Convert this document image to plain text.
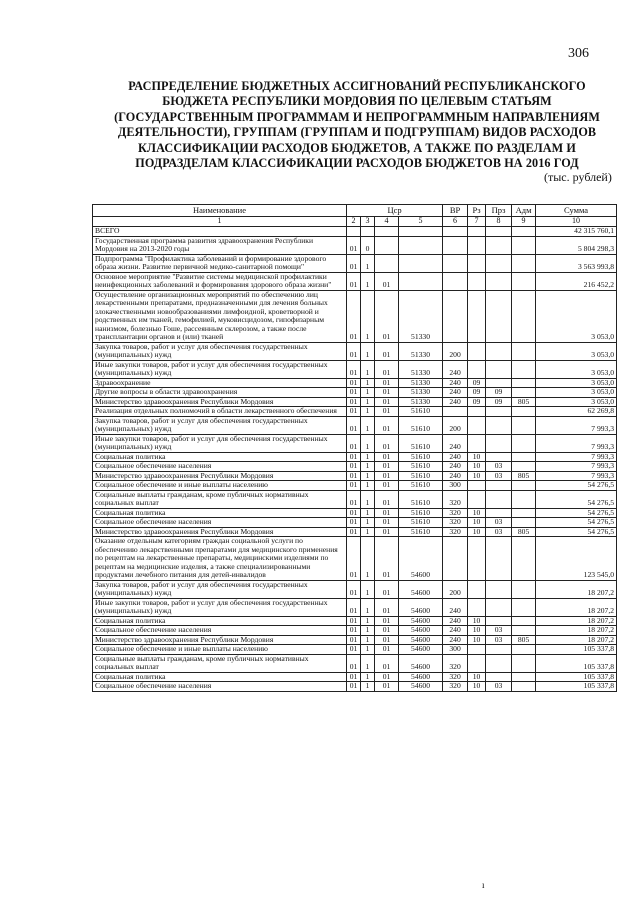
306
РАСПРЕДЕЛЕНИЕ БЮДЖЕТНЫХ АССИГНОВАНИЙ РЕСПУБЛИКАНСКОГО БЮДЖЕТА РЕСПУБЛИКИ МОРДОВИЯ ПО ЦЕЛЕВЫМ СТАТЬЯМ (ГОСУДАРСТВЕННЫМ ПРОГРАММАМ И НЕПРОГРАММНЫМ НАПРАВЛЕНИЯМ ДЕЯТЕЛЬНОСТИ), ГРУППАМ (ГРУППАМ И ПОДГРУППАМ) ВИДОВ РАСХОДОВ КЛАССИФИКАЦИИ РАСХОДОВ БЮДЖЕТОВ, А ТАКЖЕ ПО РАЗДЕЛАМ И ПОДРАЗДЕЛАМ КЛАССИФИКАЦИИ РАСХОДОВ БЮДЖЕТОВ НА 2016 ГОД
(тыс. рублей)
Наименование	Цср				ВР	Рз	Прз	Адм	Сумма
1	2	3	4	5	6	7	8	9	10
ВСЕГО									42 315 760,1
Государственная программа развития здравоохранения Республики Мордовия на 2013-2020 годы	01	0							5 804 298,3
Подпрограмма "Профилактика заболеваний и формирование здорового образа жизни. Развитие первичной медико-санитарной помощи"	01	1							3 563 993,8
Основное мероприятие "Развитие системы медицинской профилактики неинфекционных заболеваний и формирования здорового образа жизни"	01	1	01						216 452,2
Осуществление организационных мероприятий по обеспечению лиц лекарственными препаратами, предназначенными для лечения больных злокачественными новообразованиями лимфоидной, кроветворной и родственных им тканей, гемофилией, муковисцидозом, гипофизарным нанизмом, болезнью Гоше, рассеянным склерозом, а также после трансплантации органов и (или) тканей	01	1	01	51330					3 053,0
Закупка товаров, работ и услуг для обеспечения государственных (муниципальных) нужд	01	1	01	51330	200				3 053,0
Иные закупки товаров, работ и услуг для обеспечения государственных (муниципальных) нужд	01	1	01	51330	240				3 053,0
Здравоохранение	01	1	01	51330	240	09			3 053,0
Другие вопросы в области здравоохранения	01	1	01	51330	240	09	09		3 053,0
Министерство здравоохранения Республики Мордовия	01	1	01	51330	240	09	09	805	3 053,0
Реализация отдельных полномочий в области лекарственного обеспечения	01	1	01	51610					62 269,8
Закупка товаров, работ и услуг для обеспечения государственных (муниципальных) нужд	01	1	01	51610	200				7 993,3
Иные закупки товаров, работ и услуг для обеспечения государственных (муниципальных) нужд	01	1	01	51610	240				7 993,3
Социальная политика	01	1	01	51610	240	10			7 993,3
Социальное обеспечение населения	01	1	01	51610	240	10	03		7 993,3
Министерство здравоохранения Республики Мордовия	01	1	01	51610	240	10	03	805	7 993,3
Социальное обеспечение и иные выплаты населению	01	1	01	51610	300				54 276,5
Социальные выплаты гражданам, кроме публичных нормативных социальных выплат	01	1	01	51610	320				54 276,5
Социальная политика	01	1	01	51610	320	10			54 276,5
Социальное обеспечение населения	01	1	01	51610	320	10	03		54 276,5
Министерство здравоохранения Республики Мордовия	01	1	01	51610	320	10	03	805	54 276,5
Оказание отдельным категориям граждан социальной услуги по обеспечению лекарственными препаратами для медицинского применения по рецептам на лекарственные препараты, медицинскими изделиями по рецептам на медицинские изделия, а также специализированными продуктами лечебного питания для детей-инвалидов	01	1	01	54600					123 545,0
Закупка товаров, работ и услуг для обеспечения государственных (муниципальных) нужд	01	1	01	54600	200				18 207,2
Иные закупки товаров, работ и услуг для обеспечения государственных (муниципальных) нужд	01	1	01	54600	240				18 207,2
Социальная политика	01	1	01	54600	240	10			18 207,2
Социальное обеспечение населения	01	1	01	54600	240	10	03		18 207,2
Министерство здравоохранения Республики Мордовия	01	1	01	54600	240	10	03	805	18 207,2
Социальное обеспечение и иные выплаты населению	01	1	01	54600	300				105 337,8
Социальные выплаты гражданам, кроме публичных нормативных социальных выплат	01	1	01	54600	320				105 337,8
Социальная политика	01	1	01	54600	320	10			105 337,8
Социальное обеспечение населения	01	1	01	54600	320	10	03		105 337,8
ı
